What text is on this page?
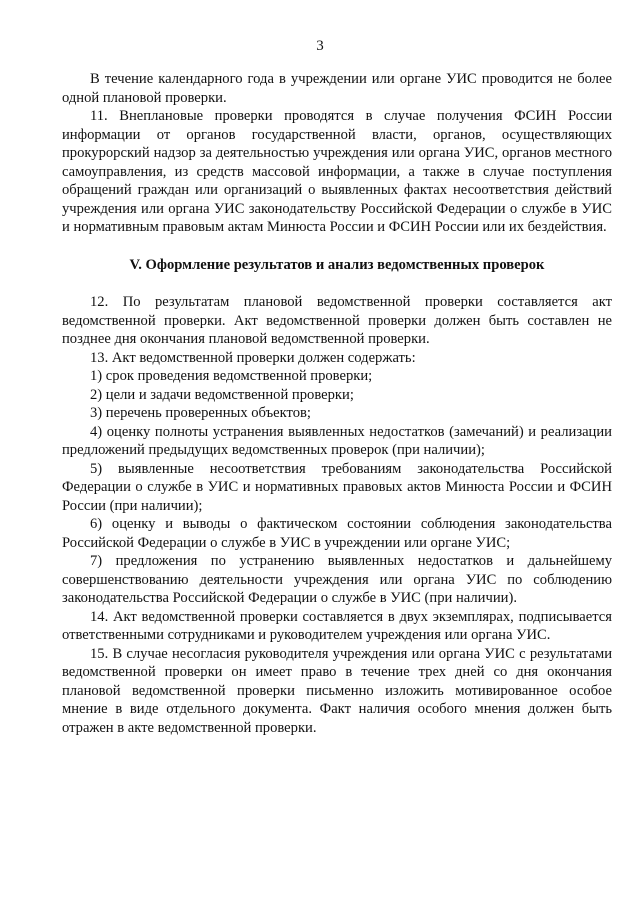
3

В течение календарного года в учреждении или органе УИС проводится не более одной плановой проверки.

11. Внеплановые проверки проводятся в случае получения ФСИН России информации от органов государственной власти, органов, осуществляющих прокурорский надзор за деятельностью учреждения или органа УИС, органов местного самоуправления, из средств массовой информации, а также в случае поступления обращений граждан или организаций о выявленных фактах несоответствия действий учреждения или органа УИС законодательству Российской Федерации о службе в УИС и нормативным правовым актам Минюста России и ФСИН России или их бездействия.

V. Оформление результатов и анализ ведомственных проверок

12. По результатам плановой ведомственной проверки составляется акт ведомственной проверки. Акт ведомственной проверки должен быть составлен не позднее дня окончания плановой ведомственной проверки.

13. Акт ведомственной проверки должен содержать:

1) срок проведения ведомственной проверки;

2) цели и задачи ведомственной проверки;

3) перечень проверенных объектов;

4) оценку полноты устранения выявленных недостатков (замечаний) и реализации предложений предыдущих ведомственных проверок (при наличии);

5) выявленные несоответствия требованиям законодательства Российской Федерации о службе в УИС и нормативных правовых актов Минюста России и ФСИН России (при наличии);

6) оценку и выводы о фактическом состоянии соблюдения законодательства Российской Федерации о службе в УИС в учреждении или органе УИС;

7) предложения по устранению выявленных недостатков и дальнейшему совершенствованию деятельности учреждения или органа УИС по соблюдению законодательства Российской Федерации о службе в УИС (при наличии).

14. Акт ведомственной проверки составляется в двух экземплярах, подписывается ответственными сотрудниками и руководителем учреждения или органа УИС.

15. В случае несогласия руководителя учреждения или органа УИС с результатами ведомственной проверки он имеет право в течение трех дней со дня окончания плановой ведомственной проверки письменно изложить мотивированное особое мнение в виде отдельного документа. Факт наличия особого мнения должен быть отражен в акте ведомственной проверки.
